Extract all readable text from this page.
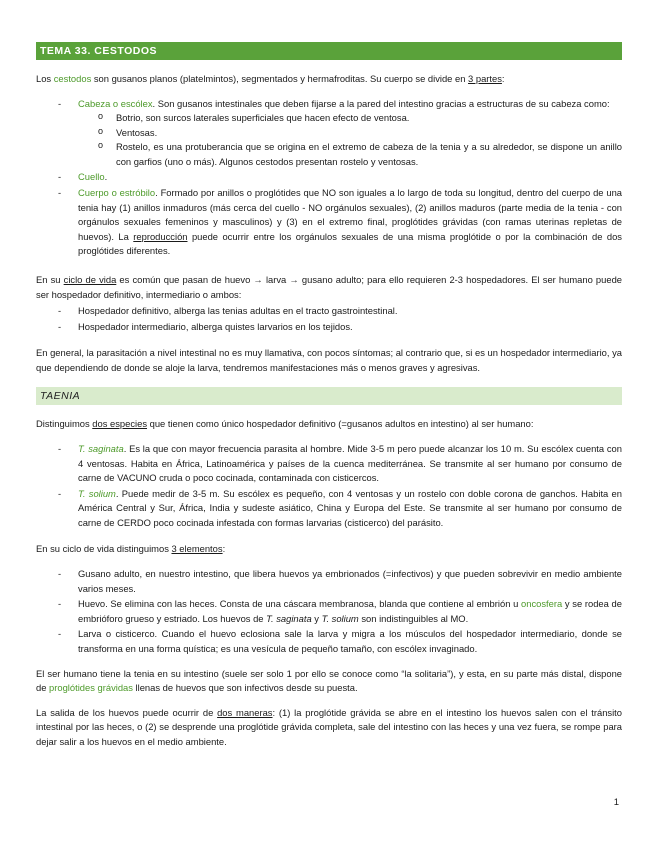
TEMA 33. CESTODOS

Los cestodos son gusanos planos (platelmintos), segmentados y hermafroditas. Su cuerpo se divide en 3 partes:

- Cabeza o escólex. Son gusanos intestinales que deben fijarse a la pared del intestino gracias a estructuras de su cabeza como:
o Botrio, son surcos laterales superficiales que hacen efecto de ventosa.
o Ventosas.
o Rostelo, es una protuberancia que se origina en el extremo de cabeza de la tenia y a su alrededor, se dispone un anillo con garfios (uno o más). Algunos cestodos presentan rostelo y ventosas.
- Cuello.
- Cuerpo o estróbilo. Formado por anillos o proglótides que NO son iguales a lo largo de toda su longitud, dentro del cuerpo de una tenia hay (1) anillos inmaduros (más cerca del cuello - NO orgánulos sexuales), (2) anillos maduros (parte media de la tenia - con orgánulos sexuales femeninos y masculinos) y (3) en el extremo final, proglótides grávidas (con ramas uterinas repletas de huevos). La reproducción puede ocurrir entre los orgánulos sexuales de una misma proglótide o por la combinación de dos proglótides diferentes.

En su ciclo de vida es común que pasan de huevo → larva → gusano adulto; para ello requieren 2-3 hospedadores. El ser humano puede ser hospedador definitivo, intermediario o ambos:

- Hospedador definitivo, alberga las tenias adultas en el tracto gastrointestinal.
- Hospedador intermediario, alberga quistes larvarios en los tejidos.

En general, la parasitación a nivel intestinal no es muy llamativa, con pocos síntomas; al contrario que, si es un hospedador intermediario, ya que dependiendo de donde se aloje la larva, tendremos manifestaciones más o menos graves y agresivas.

TAENIA

Distinguimos dos especies que tienen como único hospedador definitivo (=gusanos adultos en intestino) al ser humano:

- T. saginata. Es la que con mayor frecuencia parasita al hombre. Mide 3-5 m pero puede alcanzar los 10 m. Su escólex cuenta con 4 ventosas. Habita en África, Latinoamérica y países de la cuenca mediterránea. Se transmite al ser humano por consumo de carne de VACUNO cruda o poco cocinada, contaminada con cisticercos.
- T. solium. Puede medir de 3-5 m. Su escólex es pequeño, con 4 ventosas y un rostelo con doble corona de ganchos. Habita en América Central y Sur, África, India y sudeste asiático, China y Europa del Este. Se transmite al ser humano por consumo de carne de CERDO poco cocinada infestada con formas larvarias (cisticerco) del parásito.

En su ciclo de vida distinguimos 3 elementos:

- Gusano adulto, en nuestro intestino, que libera huevos ya embrionados (=infectivos) y que pueden sobrevivir en medio ambiente varios meses.
- Huevo. Se elimina con las heces. Consta de una cáscara membranosa, blanda que contiene al embrión u oncosfera y se rodea de embrióforo grueso y estriado. Los huevos de T. saginata y T. solium son indistinguibles al MO.
- Larva o cisticerco. Cuando el huevo eclosiona sale la larva y migra a los músculos del hospedador intermediario, donde se transforma en una forma quística; es una vesícula de pequeño tamaño, con escólex invaginado.

El ser humano tiene la tenia en su intestino (suele ser solo 1 por ello se conoce como “la solitaria”), y esta, en su parte más distal, dispone de proglótides grávidas llenas de huevos que son infectivos desde su puesta.

La salida de los huevos puede ocurrir de dos maneras: (1) la proglótide grávida se abre en el intestino los huevos salen con el tránsito intestinal por las heces, o (2) se desprende una proglótide grávida completa, sale del intestino con las heces y una vez fuera, se rompe para dejar salir a los huevos en el medio ambiente.

1
